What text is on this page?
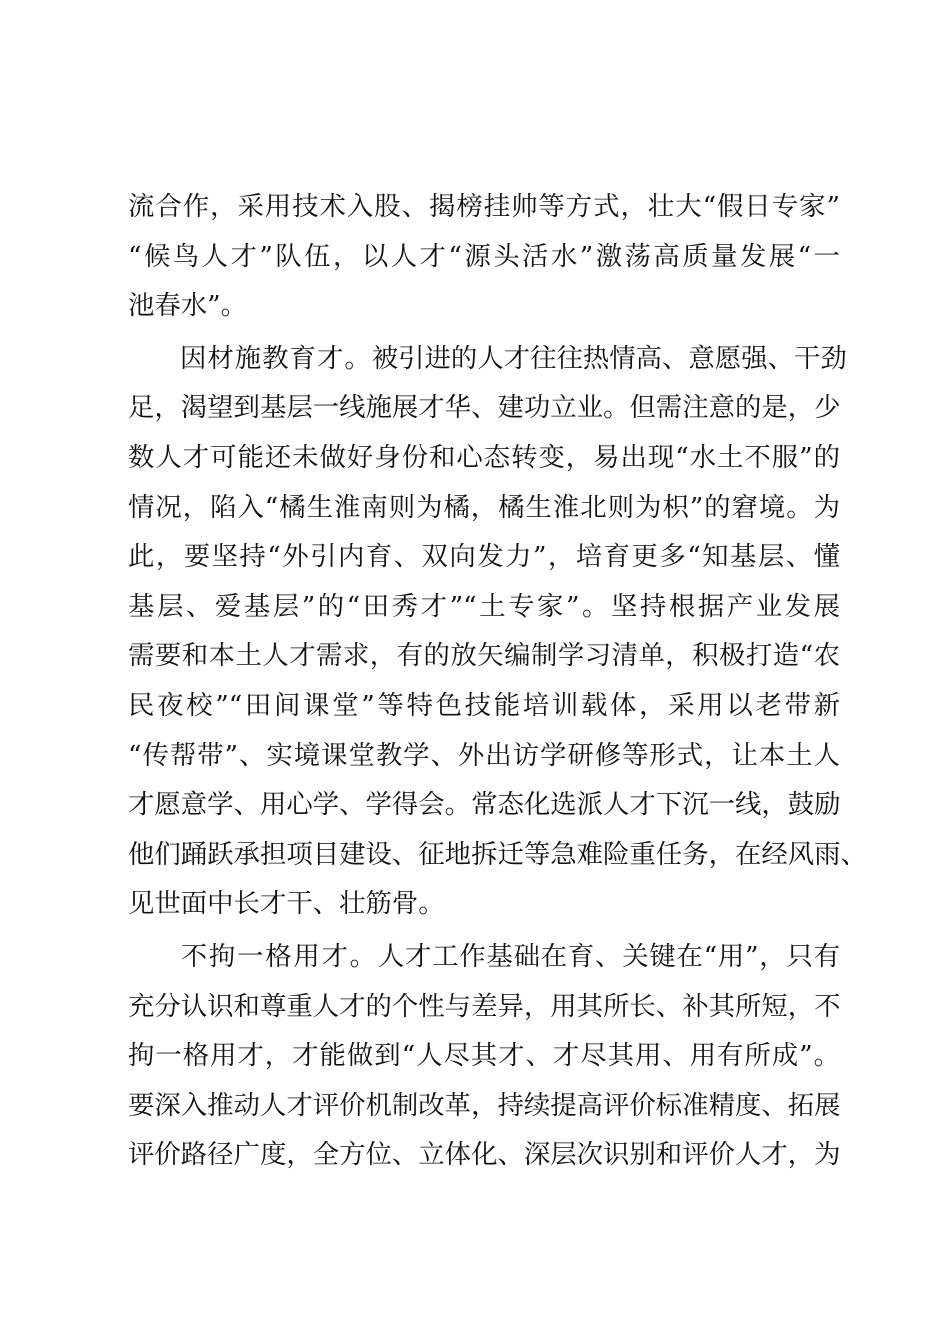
流合作，采用技术入股、揭榜挂帅等方式，壮大“假日专家”
“候鸟人才”队伍，以人才“源头活水”激荡高质量发展“一
池春水”。
因材施教育才。被引进的人才往往热情高、意愿强、干劲
足，渴望到基层一线施展才华、建功立业。但需注意的是，少
数人才可能还未做好身份和心态转变，易出现“水土不服”的
情况，陷入“橘生淮南则为橘，橘生淮北则为枳”的窘境。为
此，要坚持“外引内育、双向发力”，培育更多“知基层、懂
基层、爱基层”的“田秀才”“土专家”。坚持根据产业发展
需要和本土人才需求，有的放矢编制学习清单，积极打造“农
民夜校”“田间课堂”等特色技能培训载体，采用以老带新
“传帮带”、实境课堂教学、外出访学研修等形式，让本土人
才愿意学、用心学、学得会。常态化选派人才下沉一线，鼓励
他们踊跃承担项目建设、征地拆迁等急难险重任务，在经风雨、
见世面中长才干、壮筋骨。
不拘一格用才。人才工作基础在育、关键在“用”，只有
充分认识和尊重人才的个性与差异，用其所长、补其所短，不
拘一格用才，才能做到“人尽其才、才尽其用、用有所成”。
要深入推动人才评价机制改革，持续提高评价标准精度、拓展
评价路径广度，全方位、立体化、深层次识别和评价人才，为
